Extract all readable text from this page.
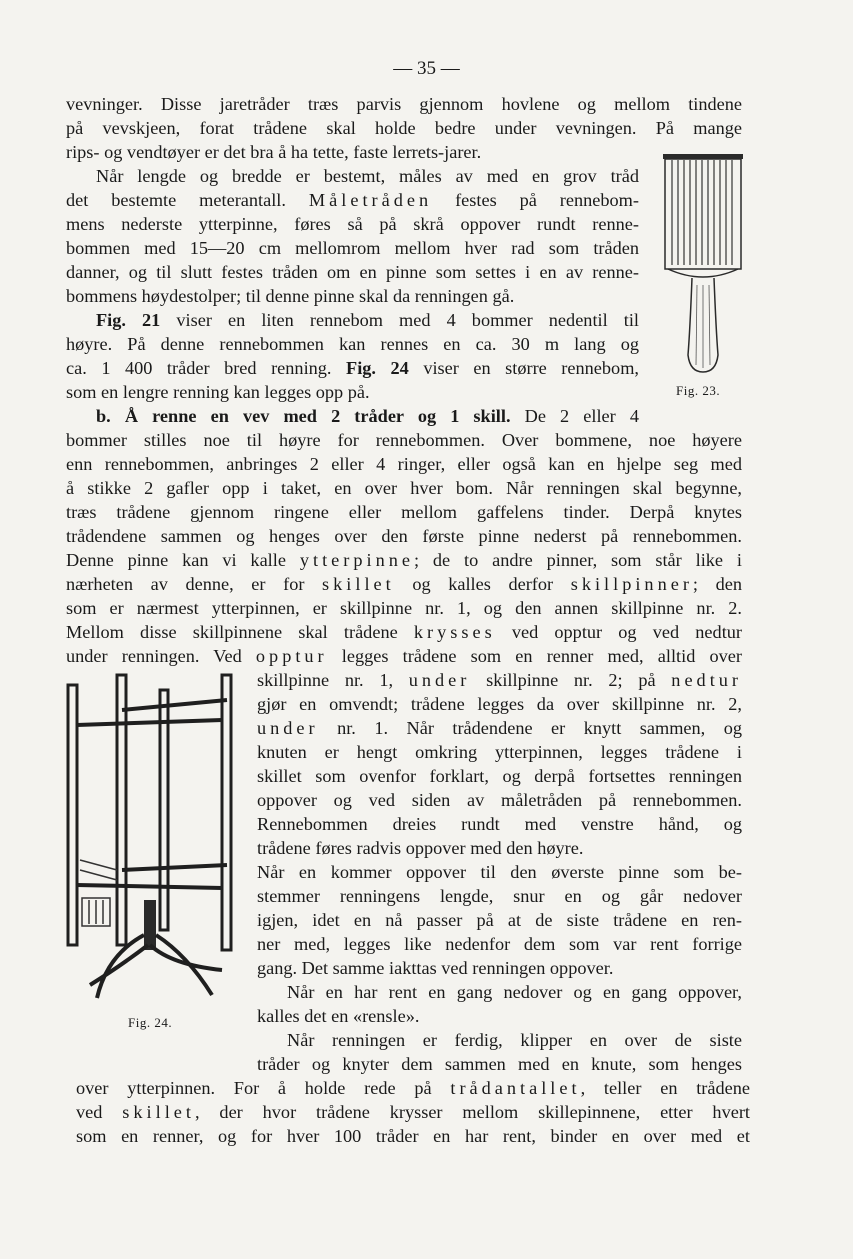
— 35 —
Fig. 23.
Fig. 24.
vevninger. Disse jaretråder træs parvis gjennom hovlene og mellom tindene
på vevskjeen, forat trådene skal holde bedre under vevningen. På mange
rips- og vendtøyer er det bra å ha tette, faste lerrets-jarer.
Når lengde og bredde er bestemt, måles av med en grov tråd
det bestemte meterantall. Måletråden festes på rennebom-
mens nederste ytterpinne, føres så på skrå oppover rundt renne-
bommen med 15—20 cm mellomrom mellom hver rad som tråden
danner, og til slutt festes tråden om en pinne som settes i en av renne-
bommens høydestolper; til denne pinne skal da renningen gå.
Fig. 21 viser en liten rennebom med 4 bommer nedentil til
høyre. På denne rennebommen kan rennes en ca. 30 m lang og
ca. 1 400 tråder bred renning. Fig. 24 viser en større rennebom,
som en lengre renning kan legges opp på.
b. Å renne en vev med 2 tråder og 1 skill. De 2 eller 4
bommer stilles noe til høyre for rennebommen. Over bommene, noe høyere
enn rennebommen, anbringes 2 eller 4 ringer, eller også kan en hjelpe seg med
å stikke 2 gafler opp i taket, en over hver bom. Når renningen skal begynne,
træs trådene gjennom ringene eller mellom gaffelens tinder. Derpå knytes
trådendene sammen og henges over den første pinne nederst på rennebommen.
Denne pinne kan vi kalle ytterpinne; de to andre pinner, som står like i
nærheten av denne, er for skillet og kalles derfor skillpinner; den
som er nærmest ytterpinnen, er skillpinne nr. 1, og den annen skillpinne nr. 2.
Mellom disse skillpinnene skal trådene krysses ved opptur og ved nedtur
under renningen. Ved opptur legges trådene som en renner med, alltid over
skillpinne nr. 1, under skillpinne nr. 2; på nedtur
gjør en omvendt; trådene legges da over skillpinne nr. 2,
under nr. 1. Når trådendene er knytt sammen, og
knuten er hengt omkring ytterpinnen, legges trådene i
skillet som ovenfor forklart, og derpå fortsettes renningen
oppover og ved siden av måletråden på rennebommen.
Rennebommen dreies rundt med venstre hånd, og
trådene føres radvis oppover med den høyre.
Når en kommer oppover til den øverste pinne som be-
stemmer renningens lengde, snur en og går nedover
igjen, idet en nå passer på at de siste trådene en ren-
ner med, legges like nedenfor dem som var rent forrige
gang. Det samme iakttas ved renningen oppover.
Når en har rent en gang nedover og en gang oppover,
kalles det en «rensle».
Når renningen er ferdig, klipper en over de siste
tråder og knyter dem sammen med en knute, som henges
over ytterpinnen. For å holde rede på trådantallet, teller en trådene
ved skillet, der hvor trådene krysser mellom skillepinnene, etter hvert
som en renner, og for hver 100 tråder en har rent, binder en over med et
